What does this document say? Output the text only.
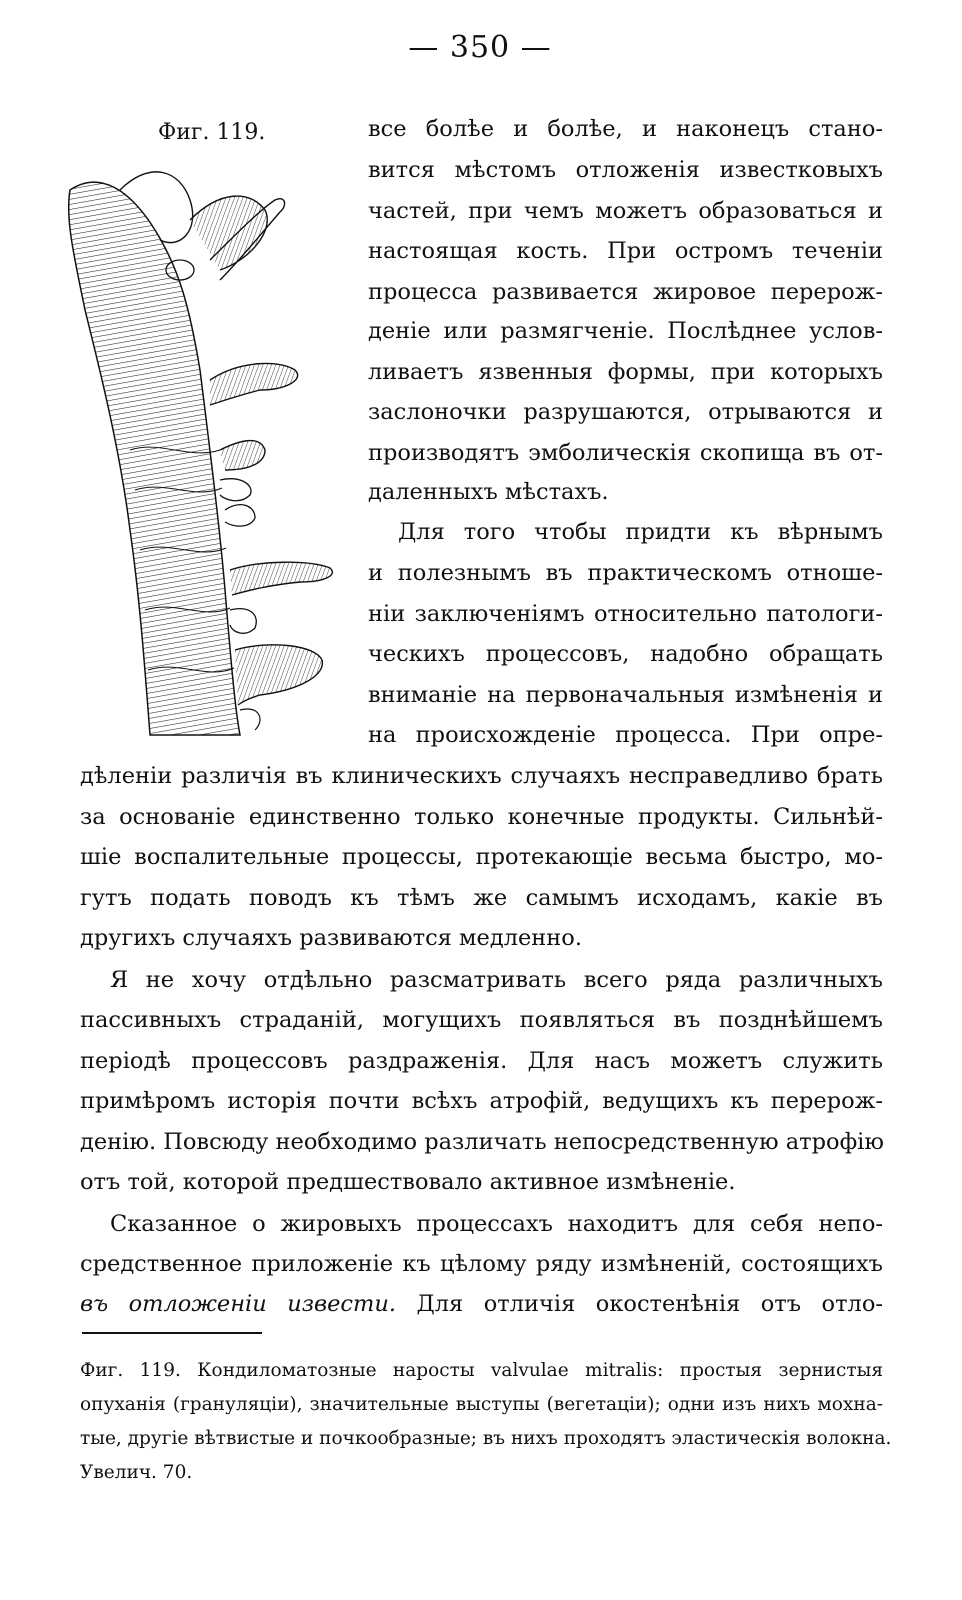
— 350 —
Фиг. 119.	все болѣе и болѣе, и наконецъ стано-
вится мѣстомъ отложенія известковыхъ
частей, при чемъ можетъ образоваться и
настоящая кость. При остромъ теченіи
процесса развивается жировое перерож-
деніе или размягченіе. Послѣднее услов-
ливаетъ язвенныя формы, при которыхъ
заслоночки разрушаются, отрываются и
производятъ эмболическія скопища въ от-
даленныхъ мѣстахъ.
Для того чтобы придти къ вѣрнымъ
и полезнымъ въ практическомъ отноше-
ніи заключеніямъ относительно патологи-
ческихъ процессовъ, надобно обращать
вниманіе на первоначальныя измѣненія и
на происхожденіе процесса. При опре-
дѣленіи различія въ клиническихъ случаяхъ несправедливо брать
за основаніе единственно только конечные продукты. Сильнѣй-
шіе воспалительные процессы, протекающіе весьма быстро, мо-
гутъ подать поводъ къ тѣмъ же самымъ исходамъ, какіе въ
другихъ случаяхъ развиваются медленно.
Я не хочу отдѣльно разсматривать всего ряда различныхъ
пассивныхъ страданій, могущихъ появляться въ позднѣйшемъ
періодѣ процессовъ раздраженія. Для насъ можетъ служить
примѣромъ исторія почти всѣхъ атрофій, ведущихъ къ перерож-
денію. Повсюду необходимо различать непосредственную атрофію
отъ той, которой предшествовало активное измѣненіе.
Сказанное о жировыхъ процессахъ находитъ для себя непо-
средственное приложеніе къ цѣлому ряду измѣненій, состоящихъ
въ отложеніи извести. Для отличія окостенѣнія отъ отло-
Фиг. 119. Кондиломатозные наросты valvulae mitralis: простыя зернистыя
опуханія (грануляціи), значительные выступы (вегетаціи); одни изъ нихъ мохна-
тые, другіе вѣтвистые и почкообразные; въ нихъ проходятъ эластическія волокна.
Увелич. 70.
